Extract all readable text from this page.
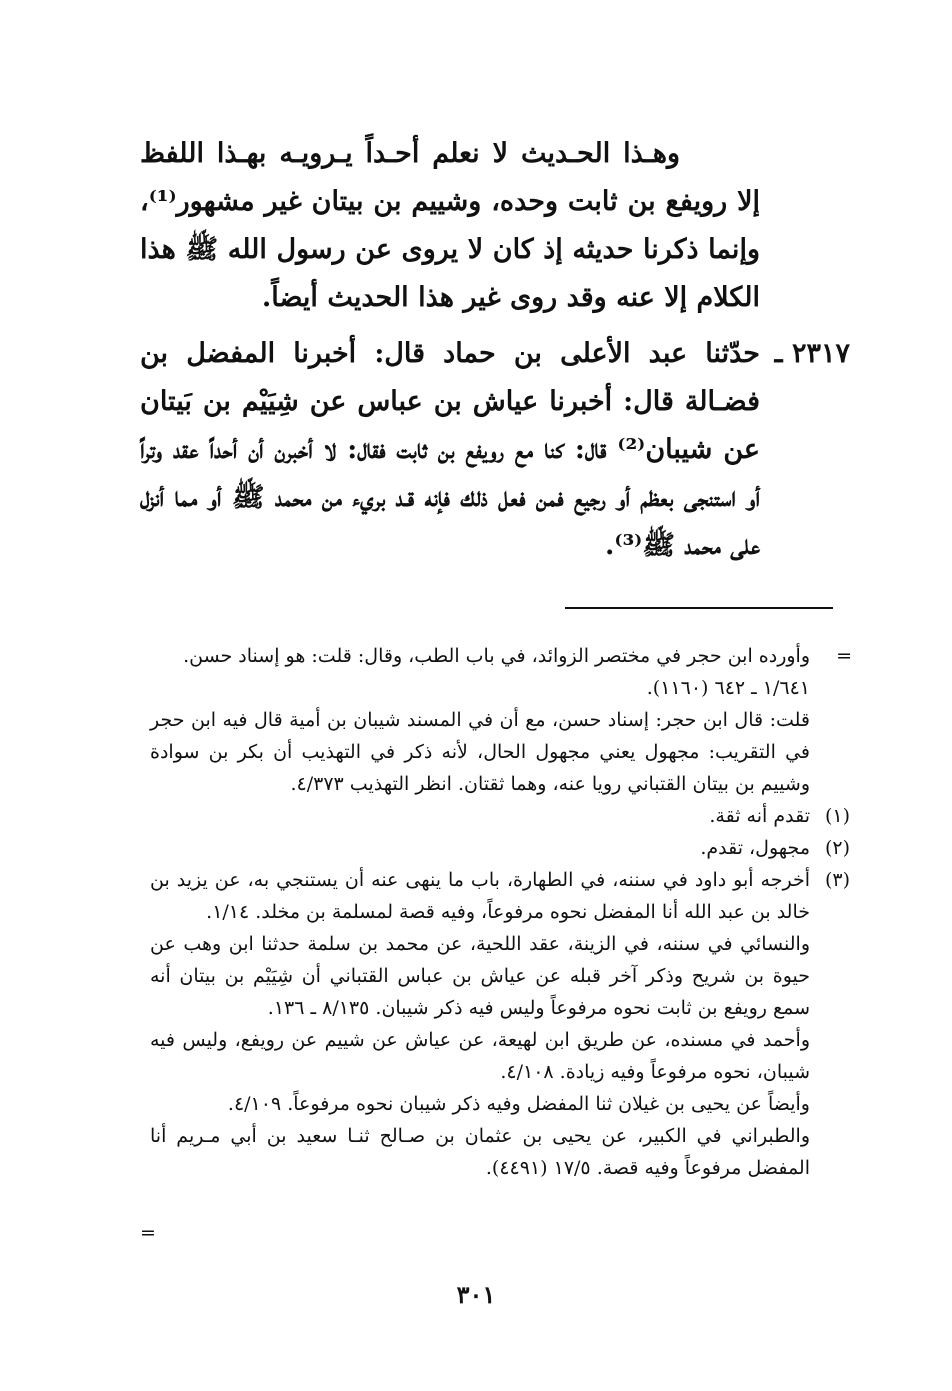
وهـذا الحـديث لا نعلم أحـداً يـرويـه بهـذا اللفظ إلا رويفع بن ثابت وحده، وشييم بن بيتان غير مشهور⁽¹⁾، وإنما ذكرنا حديثه إذ كان لا يروى عن رسول الله ﷺ هذا الكلام إلا عنه وقد روى غير هذا الحديث أيضاً.

٢٣١٧ ـ

حدّثنا عبد الأعلى بن حماد قال: أخبرنا المفضل بن فضـالة قال: أخبرنا عياش بن عباس عن شِيَيْم بن بَيتان عن شيبان⁽²⁾ قال: كنا مع رويفع بن ثابت فقال: لا أخبرن أن أحداً عقد وتراً أو استنجى بعظم أو رجيع فمن فعل ذلك فإنه قـد بريء من محمد ﷺ أو مما أنزل على محمد ﷺ⁽³⁾.

=

وأورده ابن حجر في مختصر الزوائد، في باب الطب، وقال: قلت: هو إسناد حسن.

١/٦٤١ ـ ٦٤٢ (١١٦٠).

قلت: قال ابن حجر: إسناد حسن، مع أن في المسند شيبان بن أمية قال فيه ابن حجر في التقريب: مجهول يعني مجهول الحال، لأنه ذكر في التهذيب أن بكر بن سوادة وشييم بن بيتان القتباني رويا عنه، وهما ثقتان. انظر التهذيب ٤/٣٧٣.

(١)

تقدم أنه ثقة.

(٢)

مجهول، تقدم.

(٣)

أخرجه أبو داود في سننه، في الطهارة، باب ما ينهى عنه أن يستنجي به، عن يزيد بن خالد بن عبد الله أنا المفضل نحوه مرفوعاً، وفيه قصة لمسلمة بن مخلد. ١/١٤.

والنسائي في سننه، في الزينة، عقد اللحية، عن محمد بن سلمة حدثنا ابن وهب عن حيوة بن شريح وذكر آخر قبله عن عياش بن عباس القتباني أن شِيَيْم بن بيتان أنه سمع رويفع بن ثابت نحوه مرفوعاً وليس فيه ذكر شيبان. ٨/١٣٥ ـ ١٣٦.

وأحمد في مسنده، عن طريق ابن لهيعة، عن عياش عن شييم عن رويفع، وليس فيه شيبان، نحوه مرفوعاً وفيه زيادة. ٤/١٠٨.

وأيضاً عن يحيى بن غيلان ثنا المفضل وفيه ذكر شيبان نحوه مرفوعاً. ٤/١٠٩.

والطبراني في الكبير، عن يحيى بن عثمان بن صـالح ثنـا سعيد بن أبي مـريم أنا المفضل مرفوعاً وفيه قصة. ١٧/٥ (٤٤٩١).

=
٣٠١
